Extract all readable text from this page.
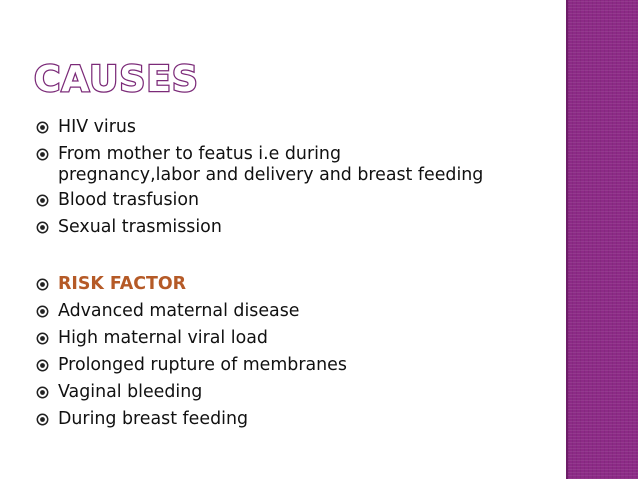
CAUSES
HIV virus
From mother to featus i.e during
pregnancy,labor and delivery and breast feeding
Blood trasfusion
Sexual trasmission
RISK FACTOR
Advanced maternal disease
High maternal viral load
Prolonged rupture of membranes
Vaginal bleeding
During breast feeding
